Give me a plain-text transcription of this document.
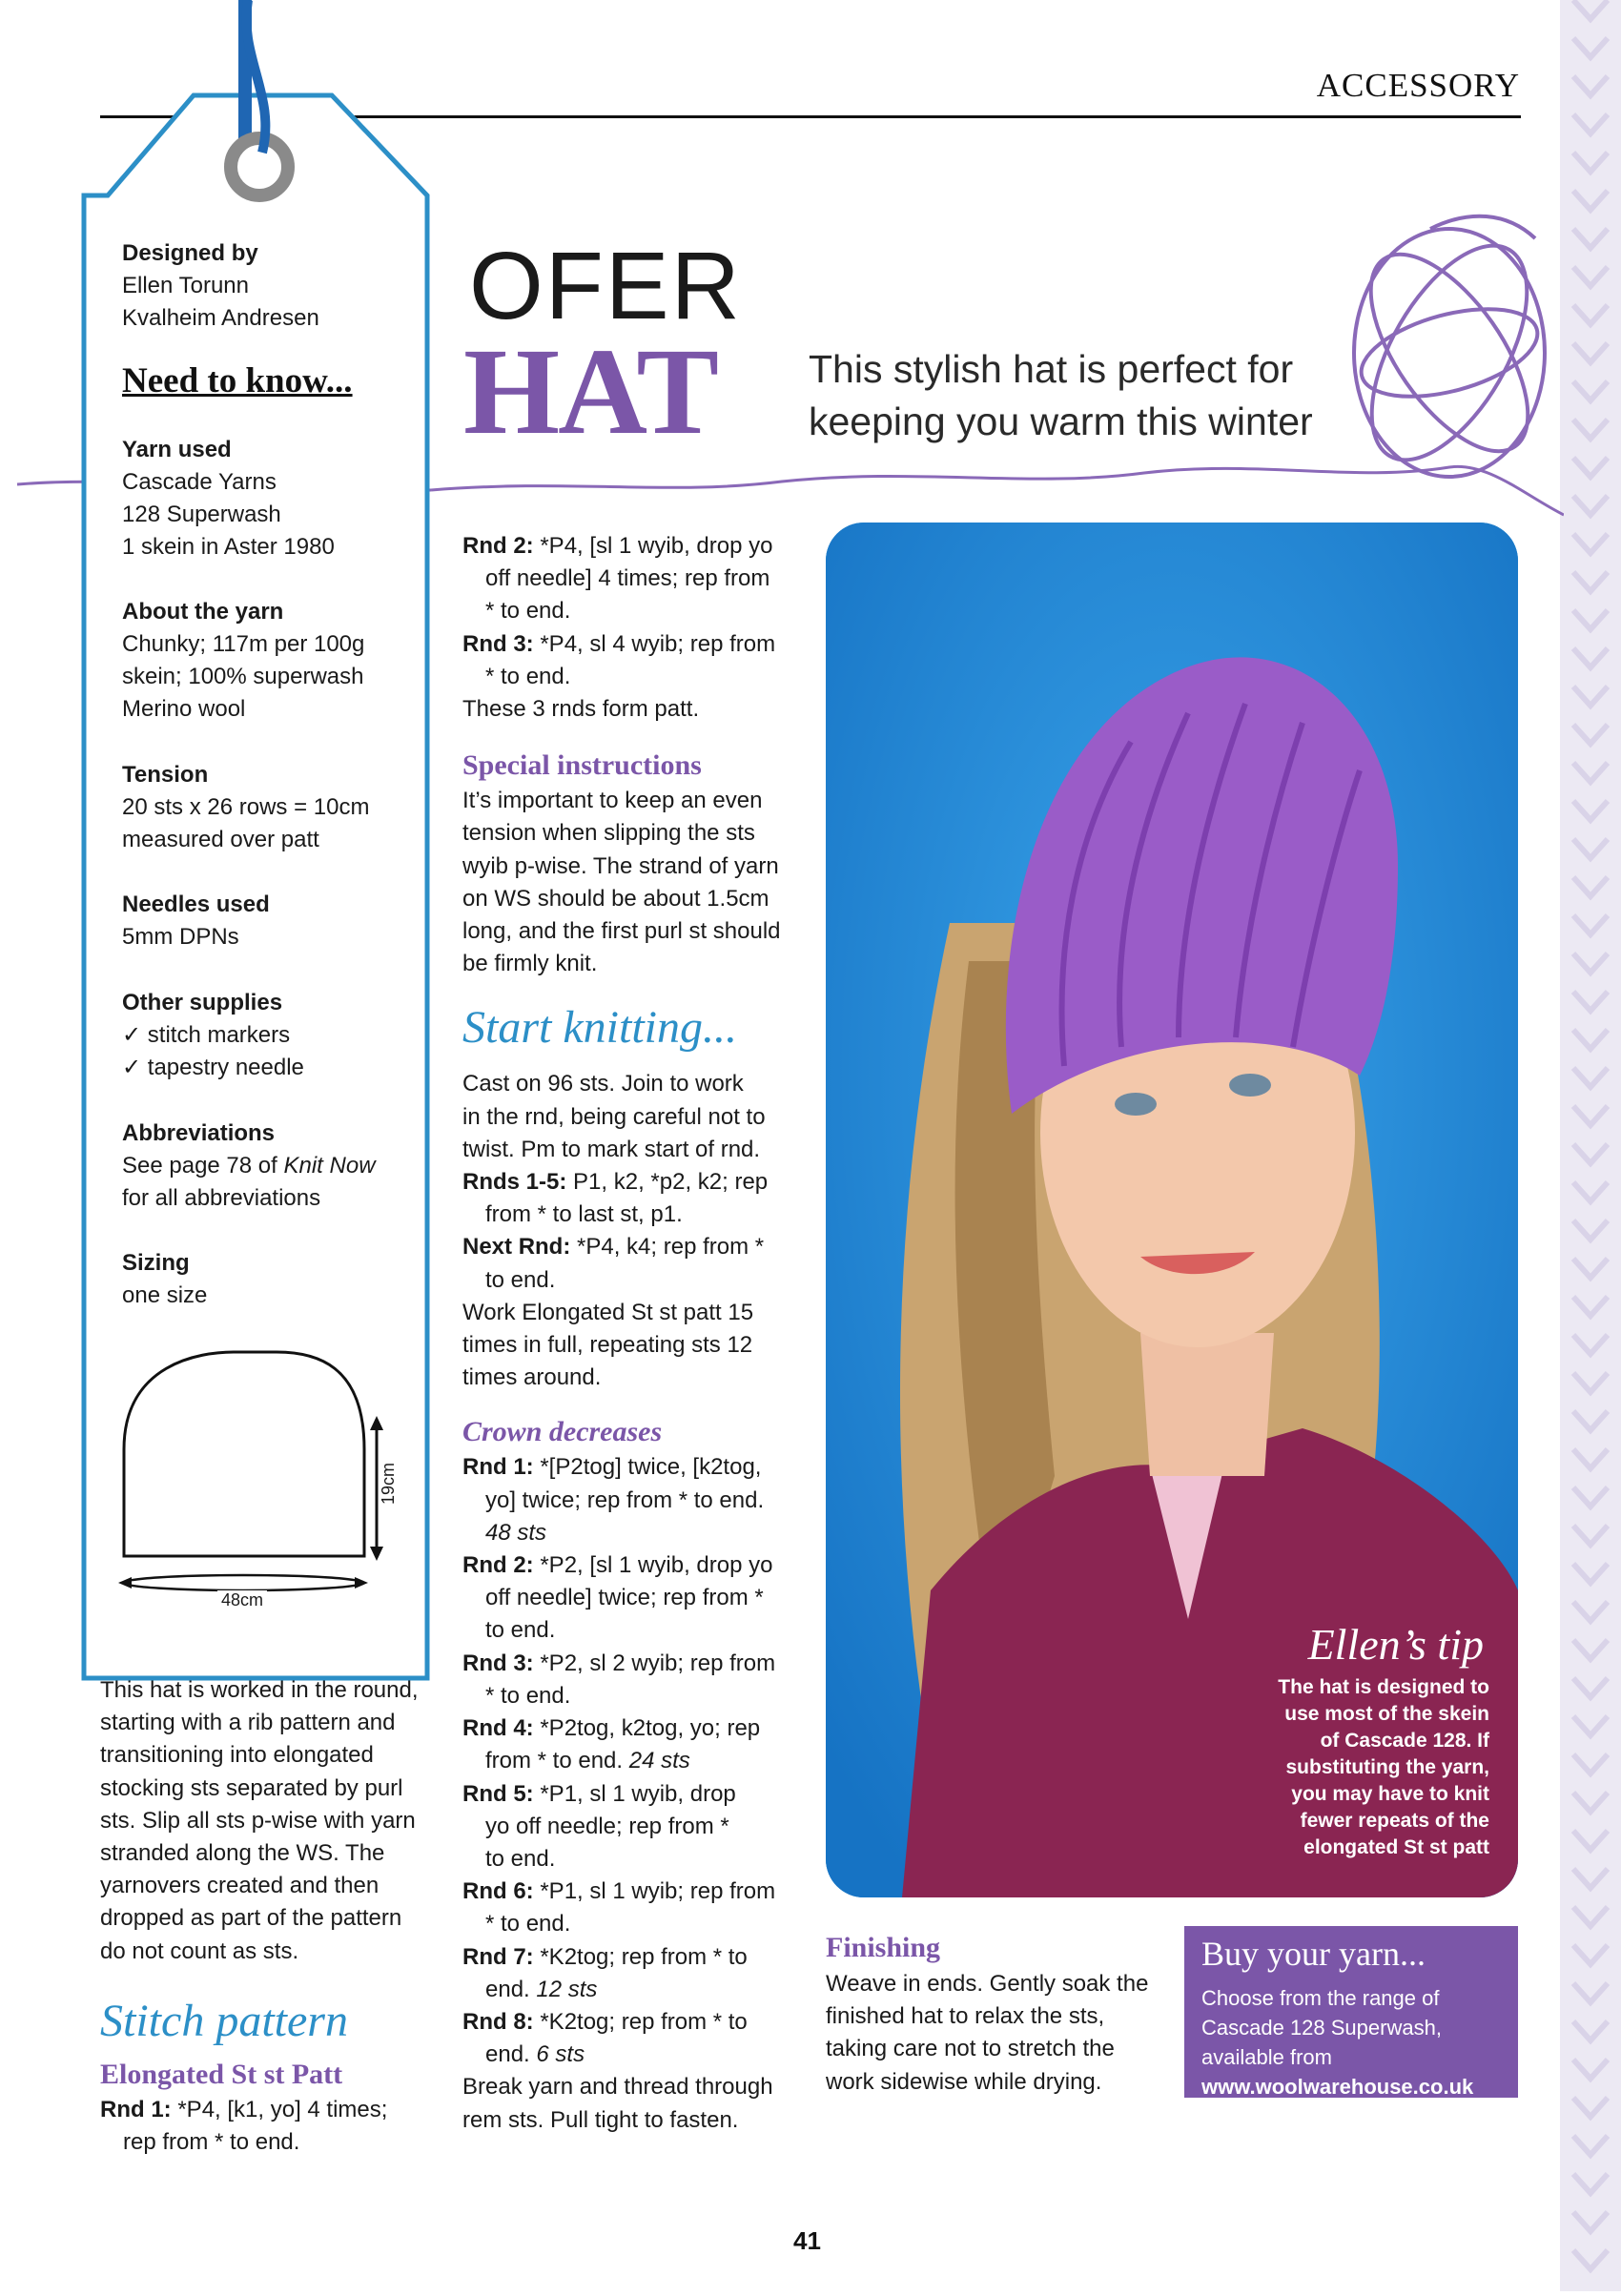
ACCESSORY
Designed by
Ellen Torunn
Kvalheim Andresen
Need to know...
Yarn used
Cascade Yarns
128 Superwash
1 skein in Aster 1980
About the yarn
Chunky; 117m per 100g
skein; 100% superwash
Merino wool
Tension
20 sts x 26 rows = 10cm
measured over patt
Needles used
5mm DPNs
Other supplies
✓ stitch markers
✓ tapestry needle
Abbreviations
See page 78 of Knit Now
for all abbreviations
Sizing
one size
19cm
48cm
OFER
HAT This stylish hat is perfect for
keeping you warm this winter

This hat is worked in the round,

starting with a rib pattern and

transitioning into elongated

stocking sts separated by purl

sts. Slip all sts p-wise with yarn

stranded along the WS. The

yarnovers created and then

dropped as part of the pattern

do not count as sts.

Stitch pattern

Elongated St st Patt

Rnd 1: *P4, [k1, yo] 4 times;

rep from * to end.

Rnd 2: *P4, [sl 1 wyib, drop yo

off needle] 4 times; rep from

* to end.

Rnd 3: *P4, sl 4 wyib; rep from

* to end.

These 3 rnds form patt.

Special instructions

It’s important to keep an even

tension when slipping the sts

wyib p-wise. The strand of yarn

on WS should be about 1.5cm

long, and the first purl st should

be firmly knit.

Start knitting...

Cast on 96 sts. Join to work

in the rnd, being careful not to

twist. Pm to mark start of rnd.

Rnds 1-5: P1, k2, *p2, k2; rep

from * to last st, p1.

Next Rnd: *P4, k4; rep from *

to end.

Work Elongated St st patt 15

times in full, repeating sts 12

times around.

Crown decreases

Rnd 1: *[P2tog] twice, [k2tog,

yo] twice; rep from * to end.

48 sts

Rnd 2: *P2, [sl 1 wyib, drop yo

off needle] twice; rep from *

to end.

Rnd 3: *P2, sl 2 wyib; rep from

* to end.

Rnd 4: *P2tog, k2tog, yo; rep

from * to end. 24 sts

Rnd 5: *P1, sl 1 wyib, drop

yo off needle; rep from *

to end.

Rnd 6: *P1, sl 1 wyib; rep from

* to end.

Rnd 7: *K2tog; rep from * to

end. 12 sts

Rnd 8: *K2tog; rep from * to

end. 6 sts

Break yarn and thread through

rem sts. Pull tight to fasten.

Ellen’s tip
The hat is designed to
use most of the skein
of Cascade 128. If
substituting the yarn,
you may have to knit
fewer repeats of the
elongated St st patt

Finishing

Weave in ends. Gently soak the

finished hat to relax the sts,

taking care not to stretch the

work sidewise while drying.

Buy your yarn...
Choose from the range of
Cascade 128 Superwash,
available from
www.woolwarehouse.co.uk
41
